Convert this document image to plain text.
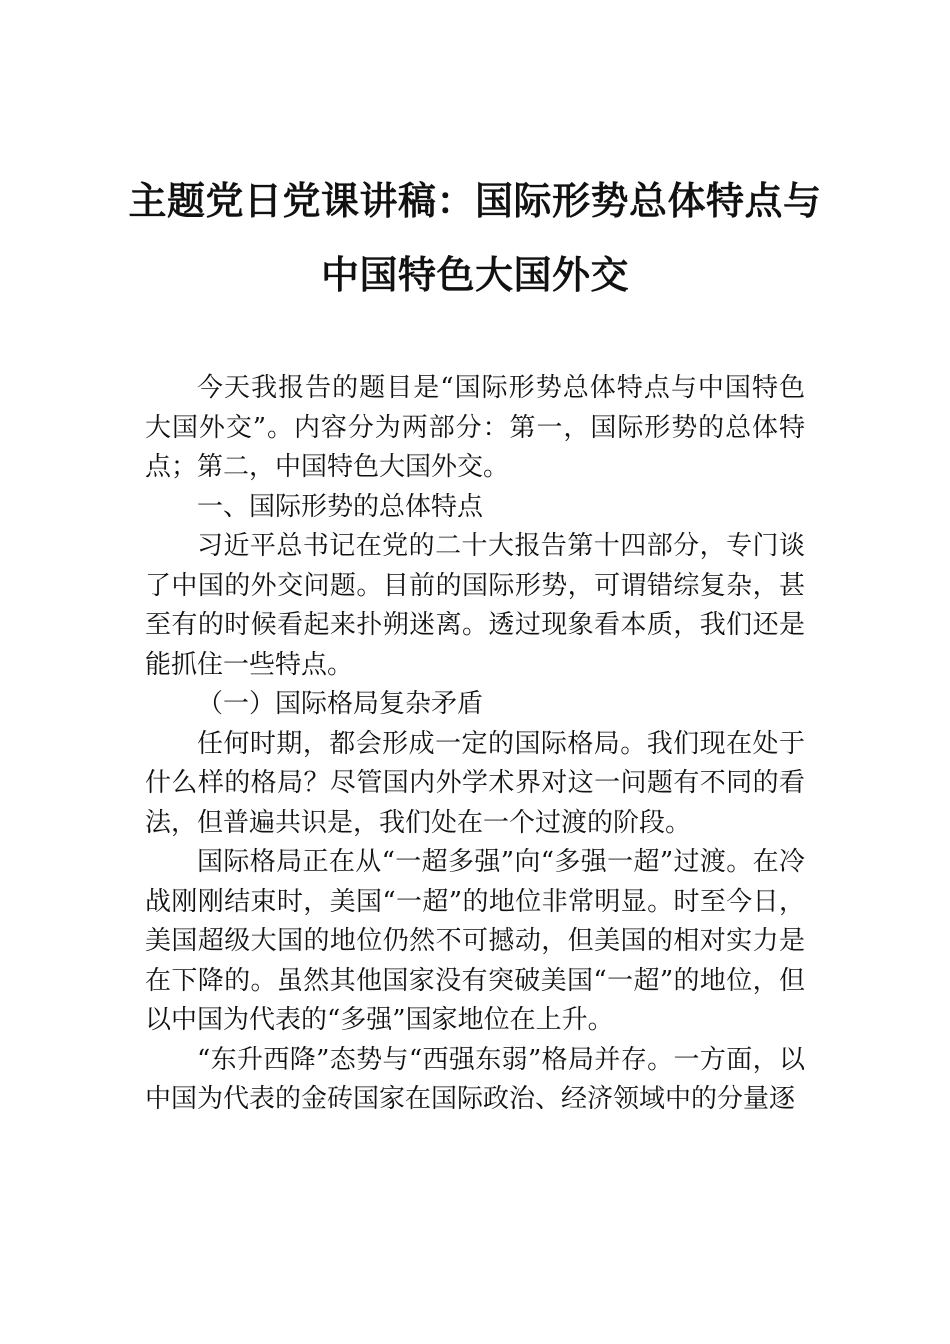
主题党日党课讲稿：国际形势总体特点与
中国特色大国外交

今天我报告的题目是“国际形势总体特点与中国特色大国外交”。内容分为两部分：第一，国际形势的总体特点；第二，中国特色大国外交。

一、国际形势的总体特点

习近平总书记在党的二十大报告第十四部分，专门谈了中国的外交问题。目前的国际形势，可谓错综复杂，甚至有的时候看起来扑朔迷离。透过现象看本质，我们还是能抓住一些特点。

（一）国际格局复杂矛盾

任何时期，都会形成一定的国际格局。我们现在处于什么样的格局？尽管国内外学术界对这一问题有不同的看法，但普遍共识是，我们处在一个过渡的阶段。

国际格局正在从“一超多强”向“多强一超”过渡。在冷战刚刚结束时，美国“一超”的地位非常明显。时至今日，美国超级大国的地位仍然不可撼动，但美国的相对实力是在下降的。虽然其他国家没有突破美国“一超”的地位，但以中国为代表的“多强”国家地位在上升。

“东升西降”态势与“西强东弱”格局并存。一方面，以中国为代表的金砖国家在国际政治、经济领域中的分量逐
